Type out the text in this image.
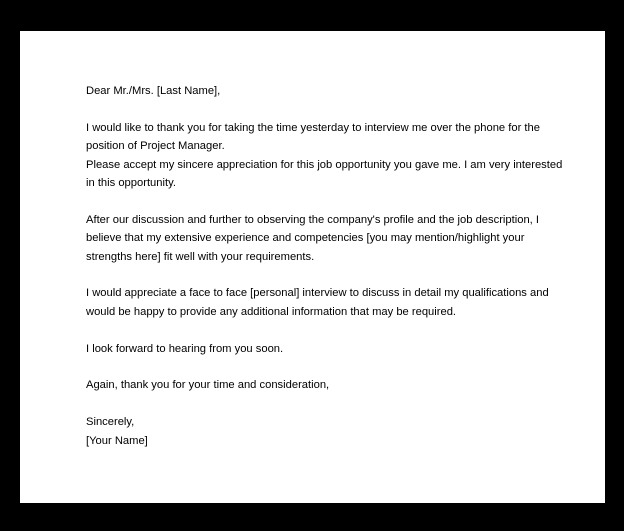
Dear Mr./Mrs. [Last Name],

I would like to thank you for taking the time yesterday to interview me over the phone for the
position of Project Manager.

Please accept my sincere appreciation for this job opportunity you gave me. I am very interested
in this opportunity.

After our discussion and further to observing the company's profile and the job description, I
believe that my extensive experience and competencies [you may mention/highlight your
strengths here] fit well with your requirements.

I would appreciate a face to face [personal] interview to discuss in detail my qualifications and
would be happy to provide any additional information that may be required.

I look forward to hearing from you soon.

Again, thank you for your time and consideration,

Sincerely,
[Your Name]
